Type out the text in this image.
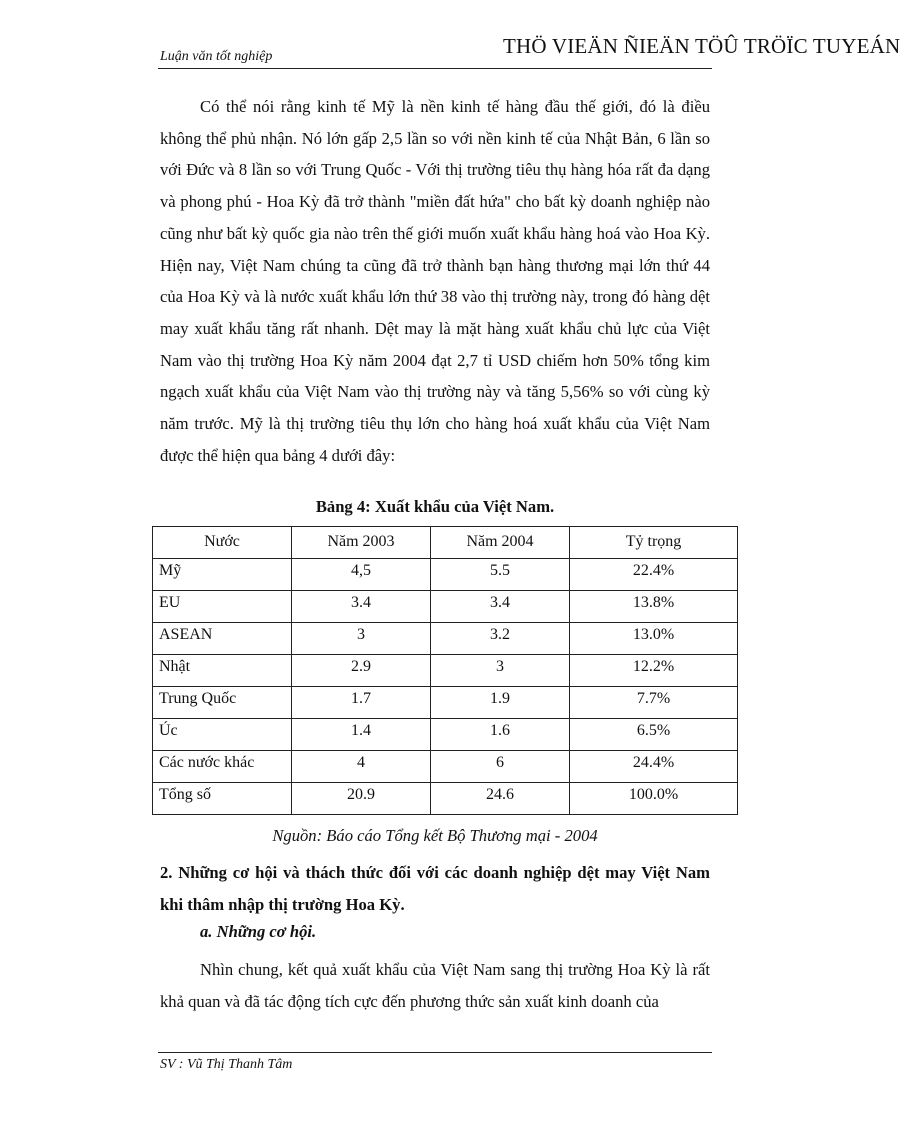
Luận văn tốt nghiệp	THÖ VIEÄN ÑIEÄN TÖÛ TRÖÏC TUYEÁN

Có thể nói rằng kinh tế Mỹ là nền kinh tế hàng đầu thế giới, đó là điều không thể phủ nhận. Nó lớn gấp 2,5 lần so với nền kinh tế của Nhật Bản, 6 lần so với Đức và 8 lần so với Trung Quốc - Với thị trường tiêu thụ hàng hóa rất đa dạng và phong phú - Hoa Kỳ đã trở thành "miền đất hứa" cho bất kỳ doanh nghiệp nào cũng như bất kỳ quốc gia nào trên thế giới muốn xuất khẩu hàng hoá vào Hoa Kỳ. Hiện nay, Việt Nam chúng ta cũng đã trở thành bạn hàng thương mại lớn thứ 44 của Hoa Kỳ và là nước xuất khẩu lớn thứ 38 vào thị trường này, trong đó hàng dệt may xuất khẩu tăng rất nhanh. Dệt may là mặt hàng xuất khẩu chủ lực của Việt Nam vào thị trường Hoa Kỳ năm 2004 đạt 2,7 tỉ USD chiếm hơn 50% tổng kim ngạch xuất khẩu của Việt Nam vào thị trường này và tăng 5,56% so với cùng kỳ năm trước. Mỹ là thị trường tiêu thụ lớn cho hàng hoá xuất khẩu của Việt Nam được thể hiện qua bảng 4 dưới đây:

Bảng 4: Xuất khẩu của Việt Nam.
Nước	Năm 2003	Năm 2004	Tỷ trọng
Mỹ	4,5	5.5	22.4%
EU	3.4	3.4	13.8%
ASEAN	3	3.2	13.0%
Nhật	2.9	3	12.2%
Trung Quốc	1.7	1.9	7.7%
Úc	1.4	1.6	6.5%
Các nước khác	4	6	24.4%
Tổng số	20.9	24.6	100.0%
Nguồn: Báo cáo Tổng kết Bộ Thương mại - 2004

2. Những cơ hội và thách thức đối với các doanh nghiệp dệt may Việt Nam khi thâm nhập thị trường Hoa Kỳ.

a. Những cơ hội.

Nhìn chung, kết quả xuất khẩu của Việt Nam sang thị trường Hoa Kỳ là rất khả quan và đã tác động tích cực đến phương thức sản xuất kinh doanh của

SV : Vũ Thị Thanh Tâm
